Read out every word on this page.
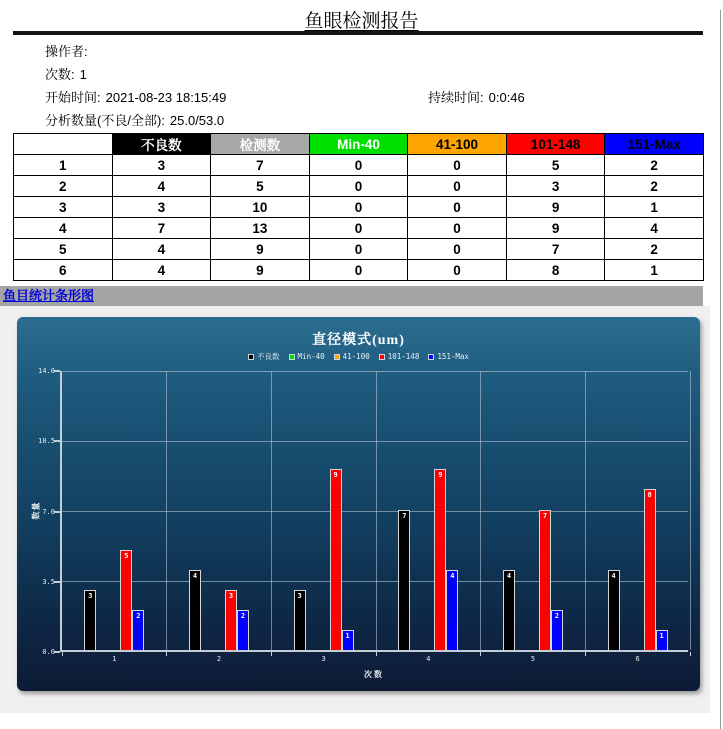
鱼眼检测报告
操作者:
次数: 1
开始时间: 2021-08-23 18:15:49
分析数量(不良/全部): 25.0/53.0
持续时间: 0:0:46
	不良数	检测数	Min-40	41-100	101-148	151-Max
1	3	7	0	0	5	2
2	4	5	0	0	3	2
3	3	10	0	0	9	1
4	7	13	0	0	9	4
5	4	9	0	0	7	2
6	4	9	0	0	8	1
鱼目统计条形图
直径模式(um)
不良数 Min-40 41-100 101-148 151-Max
3
5
2
1
4
3
2
2
3
9
1
3
7
9
4
4
4
7
2
5
4
8
1
6
次数
数量
0.0
3.5
7.0
10.5
14.0
